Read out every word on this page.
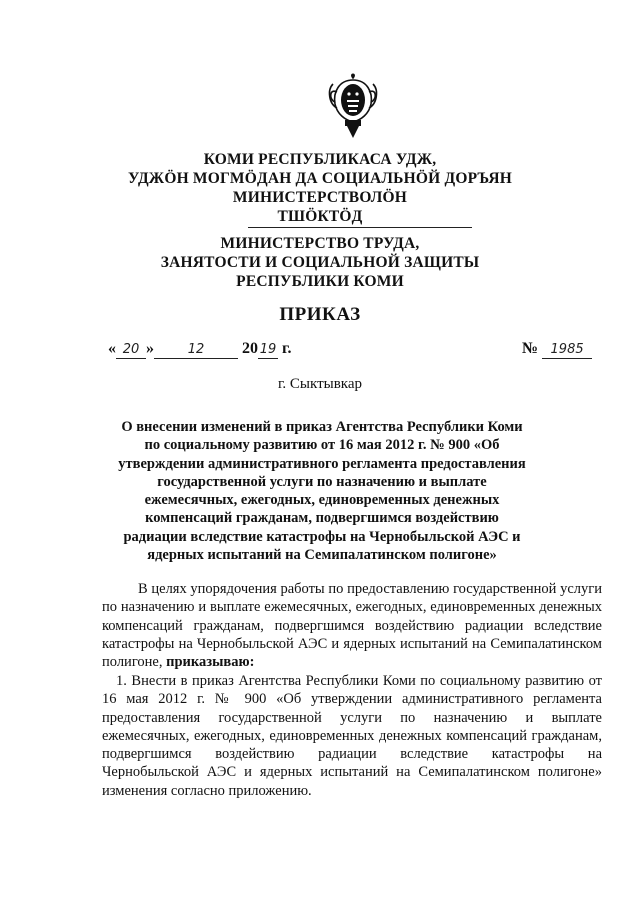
КОМИ РЕСПУБЛИКАСА УДЖ,
УДЖÖН МОГМÖДАН ДА СОЦИАЛЬНÖЙ ДОРЪЯН
МИНИСТЕРСТВОЛÖН
ТШÖКТÖД
МИНИСТЕРСТВО ТРУДА,
ЗАНЯТОСТИ И СОЦИАЛЬНОЙ ЗАЩИТЫ
РЕСПУБЛИКИ КОМИ
ПРИКАЗ
« 20 »	12 20 19 г.	№ 1985
г. Сыктывкар
О внесении изменений в приказ Агентства Республики Коми по социальному развитию от 16 мая 2012 г. № 900 «Об утверждении административного регламента предоставления государственной услуги по назначению и выплате ежемесячных, ежегодных, единовременных денежных компенсаций гражданам, подвергшимся воздействию радиации вследствие катастрофы на Чернобыльской АЭС и ядерных испытаний на Семипалатинском полигоне»
В целях упорядочения работы по предоставлению государственной услуги по назначению и выплате ежемесячных, ежегодных, единовременных денежных компенсаций гражданам, подвергшимся воздействию радиации вследствие катастрофы на Чернобыльской АЭС и ядерных испытаний на Семипалатинском полигоне, приказываю:
1. Внести в приказ Агентства Республики Коми по социальному развитию от 16 мая 2012 г. № 900 «Об утверждении административного регламента предоставления государственной услуги по назначению и выплате ежемесячных, ежегодных, единовременных денежных компенсаций гражданам, подвергшимся воздействию радиации вследствие катастрофы на Чернобыльской АЭС и ядерных испытаний на Семипалатинском полигоне» изменения согласно приложению.
